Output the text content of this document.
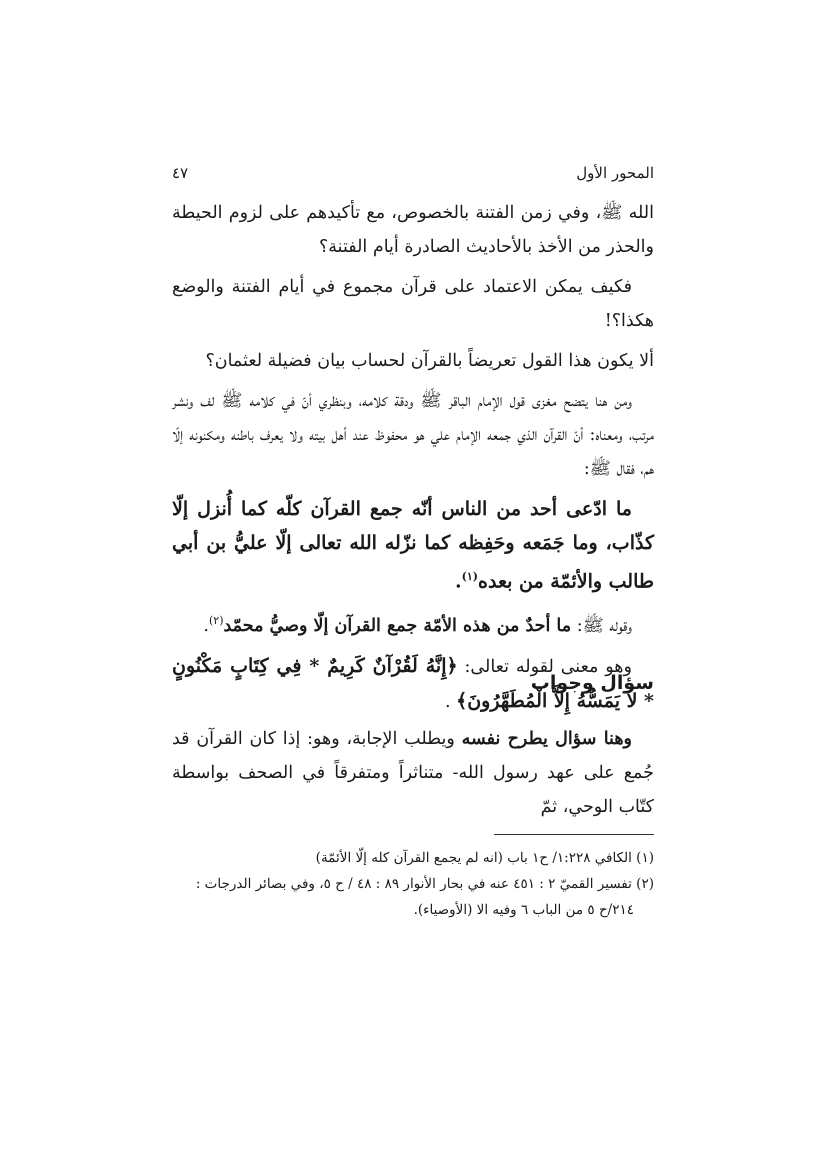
المحور الأول
٤٧

الله ﷺ، وفي زمن الفتنة بالخصوص، مع تأكيدهم على لزوم الحيطة والحذر من الأخذ بالأحاديث الصادرة أيام الفتنة؟

فكيف يمكن الاعتماد على قرآن مجموع في أيام الفتنة والوضع هكذا؟!

ألا يكون هذا القول تعريضاً بالقرآن لحساب بيان فضيلة لعثمان؟

ومن هنا يتضح مغزى قول الإمام الباقر ﷺ ودقة كلامه، وبنظري أنّ في كلامه ﷺ لف ونشر مرتب، ومعناه: أنّ القرآن الذي جمعه الإمام علي هو محفوظ عند أهل بيته ولا يعرف باطنه ومكنونه إلّا هم، فقال ﷺ:

ما ادّعى أحد من الناس أنّه جمع القرآن كلّه كما أُنزل إلّا كذّاب، وما جَمَعه وحَفِظه كما نزّله الله تعالى إلّا عليُّ بن أبي طالب والأئمّة من بعده$^{(١)}$.

وقوله ﷺ: ما أحدٌ من هذه الأمّة جمع القرآن إلّا وصيُّ محمّد$^{(٢)}$.

وهو معنى لقوله تعالى: ﴿إِنَّهُ لَقُرْآنٌ كَرِيمٌ * فِي كِتَابٍ مَكْنُونٍ * لاَ يَمَسُّهُ إِلاَّ الْمُطَهَّرُونَ﴾ .

سؤال وجواب

وهنا سؤال يطرح نفسه ويطلب الإجابة، وهو: إذا كان القرآن قد جُمع على عهد رسول الله- متناثراً ومتفرقاً في الصحف بواسطة كتّاب الوحي، ثمّ

(١) الكافي ١:٢٢٨/ ح١ باب (انه لم يجمع القرآن كله إلّا الأئمّة)

(٢) تفسير القميّ ٢ : ٤٥١ عنه في بحار الأنوار ٨٩ : ٤٨ / ح ٥، وفي بصائر الدرجات :

٢١٤/ح ٥ من الباب ٦ وفيه الا (الأوصياء).
